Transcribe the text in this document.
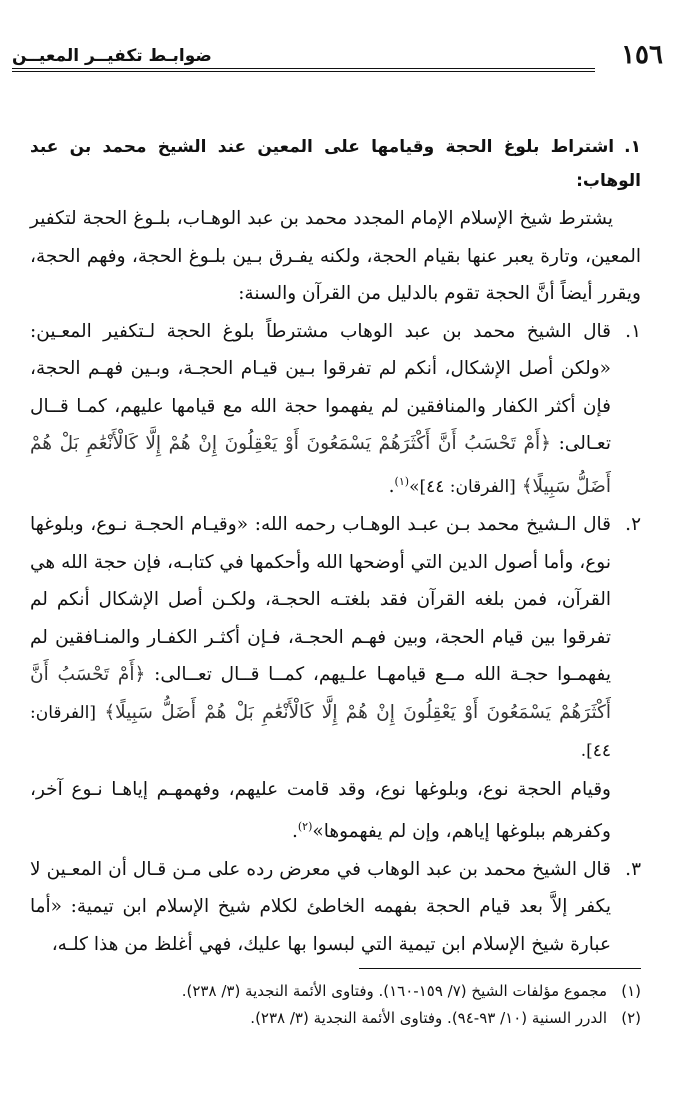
١٥٦
ضوابـط تكفيــر المعيــن
١.اشتراط بلوغ الحجة وقيامها على المعين عند الشيخ محمد بن عبد الوهاب:

يشترط شيخ الإسلام الإمام المجدد محمد بن عبد الوهـاب، بلـوغ الحجة لتكفير المعين، وتارة يعبر عنها بقيام الحجة، ولكنه يفـرق بـين بلـوغ الحجة، وفهم الحجة، ويقرر أيضاً أنَّ الحجة تقوم بالدليل من القرآن والسنة:

١.

قال الشيخ محمد بن عبد الوهاب مشترطاً بلوغ الحجة لـتكفير المعـين: «ولكن أصل الإشكال، أنكم لم تفرقوا بـين قيـام الحجـة، وبـين فهـم الحجة، فإن أكثر الكفار والمنافقين لم يفهموا حجة الله مع قيامها عليهم، كمـا قــال تعـالى: ﴿أَمْ تَحْسَبُ أَنَّ أَكْثَرَهُمْ يَسْمَعُونَ أَوْ يَعْقِلُونَ إِنْ هُمْ إِلَّا كَالْأَنْعَٰمِ بَلْ هُمْ أَضَلُّ سَبِيلًا﴾ [الفرقان: ٤٤]»$^{(١)}$.

٢.

قال الـشيخ محمد بـن عبـد الوهـاب رحمه الله: «وقيـام الحجـة نـوع، وبلوغها نوع، وأما أصول الدين التي أوضحها الله وأحكمها في كتابـه، فإن حجة الله هي القرآن، فمن بلغه القرآن فقد بلغتـه الحجـة، ولكـن أصل الإشكال أنكم لم تفرقوا بين قيام الحجة، وبين فهـم الحجـة، فـإن أكثـر الكفـار والمنـافقين لم يفهمـوا حجـة الله مــع قيامهـا علـيهم، كمــا قــال تعــالى: ﴿أَمْ تَحْسَبُ أَنَّ أَكْثَرَهُمْ يَسْمَعُونَ أَوْ يَعْقِلُونَ إِنْ هُمْ إِلَّا كَالْأَنْعَٰمِ بَلْ هُمْ أَضَلُّ سَبِيلًا﴾ [الفرقان: ٤٤].

وقيام الحجة نوع، وبلوغها نوع، وقد قامت عليهم، وفهمهـم إياهـا نـوع آخر، وكفرهم ببلوغها إياهم، وإن لم يفهموها»$^{(٢)}$.

٣.

قال الشيخ محمد بن عبد الوهاب في معرض رده على مـن قـال أن المعـين لا يكفر إلاَّ بعد قيام الحجة بفهمه الخاطئ لكلام شيخ الإسلام ابن تيمية: «أما عبارة شيخ الإسلام ابن تيمية التي لبسوا بها عليك، فهي أغلظ من هذا كلـه،

(١)
مجموع مؤلفات الشيخ (٧/ ١٥٩-١٦٠). وفتاوى الأئمة النجدية (٣/ ٢٣٨).
(٢)
الدرر السنية (١٠/ ٩٣-٩٤). وفتاوى الأئمة النجدية (٣/ ٢٣٨).
